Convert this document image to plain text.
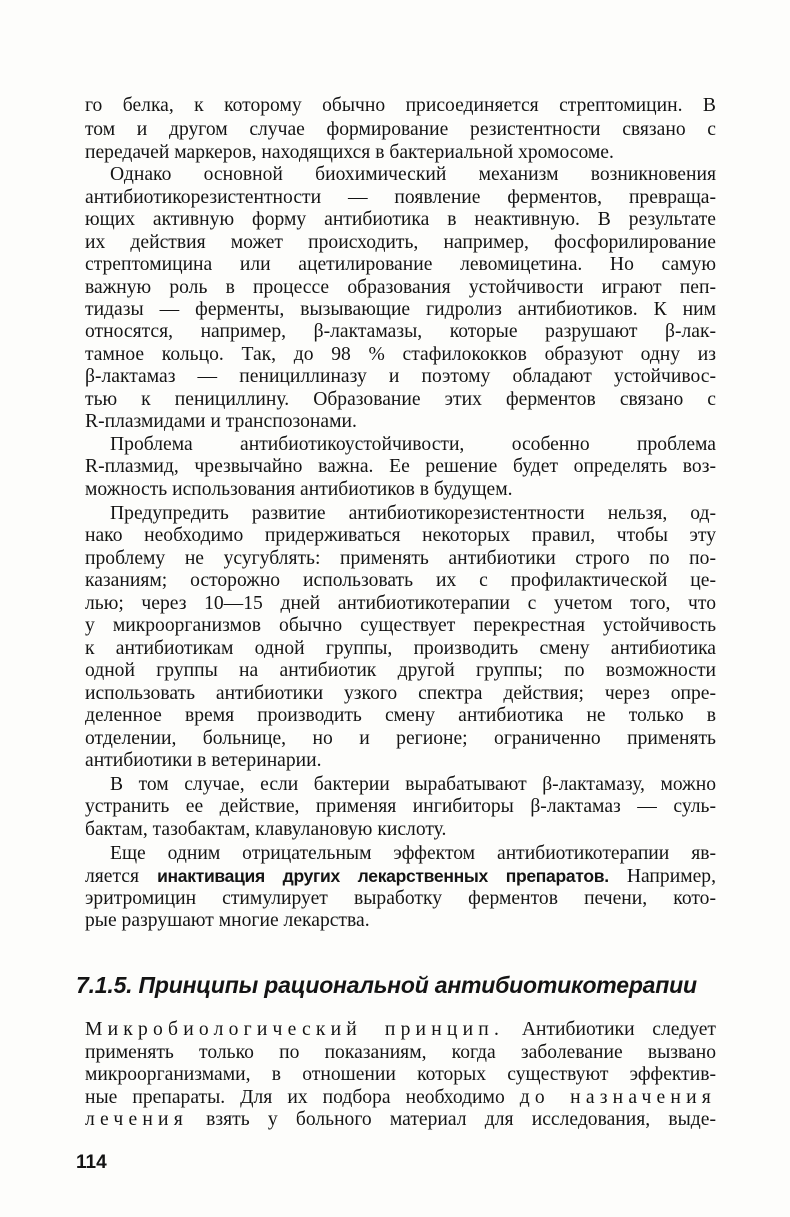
го белка, к которому обычно присоединяется стрептомицин. В
том и другом случае формирование резистентности связано с
передачей маркеров, находящихся в бактериальной хромосоме.
Однако основной биохимический механизм возникновения
антибиотикорезистентности — появление ферментов, превраща-
ющих активную форму антибиотика в неактивную. В результате
их действия может происходить, например, фосфорилирование
стрептомицина или ацетилирование левомицетина. Но самую
важную роль в процессе образования устойчивости играют пеп-
тидазы — ферменты, вызывающие гидролиз антибиотиков. К ним
относятся, например, β-лактамазы, которые разрушают β-лак-
тамное кольцо. Так, до 98 % стафилококков образуют одну из
β-лактамаз — пенициллиназу и поэтому обладают устойчивос-
тью к пенициллину. Образование этих ферментов связано с
R-плазмидами и транспозонами.
Проблема антибиотикоустойчивости, особенно проблема
R-плазмид, чрезвычайно важна. Ее решение будет определять воз-
можность использования антибиотиков в будущем.
Предупредить развитие антибиотикорезистентности нельзя, од-
нако необходимо придерживаться некоторых правил, чтобы эту
проблему не усугублять: применять антибиотики строго по по-
казаниям; осторожно использовать их с профилактической це-
лью; через 10—15 дней антибиотикотерапии с учетом того, что
у микроорганизмов обычно существует перекрестная устойчивость
к антибиотикам одной группы, производить смену антибиотика
одной группы на антибиотик другой группы; по возможности
использовать антибиотики узкого спектра действия; через опре-
деленное время производить смену антибиотика не только в
отделении, больнице, но и регионе; ограниченно применять
антибиотики в ветеринарии.
В том случае, если бактерии вырабатывают β-лактамазу, можно
устранить ее действие, применяя ингибиторы β-лактамаз — суль-
бактам, тазобактам, клавулановую кислоту.
Еще одним отрицательным эффектом антибиотикотерапии яв-
ляется инактивация других лекарственных препаратов. Например,
эритромицин стимулирует выработку ферментов печени, кото-
рые разрушают многие лекарства.
7.1.5. Принципы рациональной антибиотикотерапии
Микробиологический принцип. Антибиотики следует
применять только по показаниям, когда заболевание вызвано
микроорганизмами, в отношении которых существуют эффектив-
ные препараты. Для их подбора необходимо до назначения
лечения взять у больного материал для исследования, выде-
114
